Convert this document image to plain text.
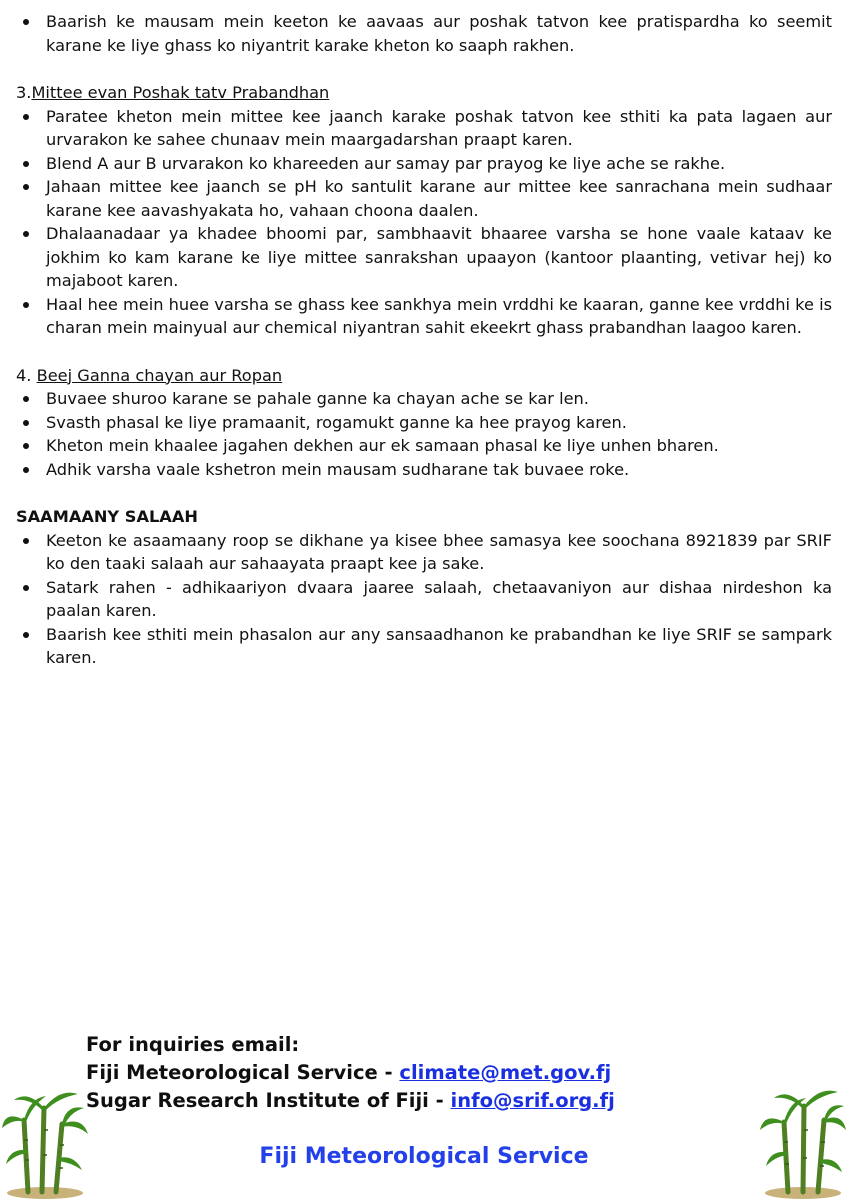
Baarish ke mausam mein keeton ke aavaas aur poshak tatvon kee pratispardha ko seemit karane ke liye ghass ko niyantrit karake kheton ko saaph rakhen.
3.Mittee evan Poshak tatv Prabandhan
Paratee kheton mein mittee kee jaanch karake poshak tatvon kee sthiti ka pata lagaen aur urvarakon ke sahee chunaav mein maargadarshan praapt karen.
Blend A aur B urvarakon ko khareeden aur samay par prayog ke liye ache se rakhe.
Jahaan mittee kee jaanch se pH ko santulit karane aur mittee kee sanrachana mein sudhaar karane kee aavashyakata ho, vahaan choona daalen.
Dhalaanadaar ya khadee bhoomi par, sambhaavit bhaaree varsha se hone vaale kataav ke jokhim ko kam karane ke liye mittee sanrakshan upaayon (kantoor plaanting, vetivar hej) ko majaboot karen.
Haal hee mein huee varsha se ghass kee sankhya mein vrddhi ke kaaran, ganne kee vrddhi ke is charan mein mainyual aur chemical niyantran sahit ekeekrt ghass prabandhan laagoo karen.
4. Beej Ganna chayan aur Ropan
Buvaee shuroo karane se pahale ganne ka chayan ache se kar len.
Svasth phasal ke liye pramaanit, rogamukt ganne ka hee prayog karen.
Kheton mein khaalee jagahen dekhen aur ek samaan phasal ke liye unhen bharen.
Adhik varsha vaale kshetron mein mausam sudharane tak buvaee roke.
SAAMAANY SALAAH
Keeton ke asaamaany roop se dikhane ya kisee bhee samasya kee soochana 8921839 par SRIF ko den taaki salaah aur sahaayata praapt kee ja sake.
Satark rahen - adhikaariyon dvaara jaaree salaah, chetaavaniyon aur dishaa nirdeshon ka paalan karen.
Baarish kee sthiti mein phasalon aur any sansaadhanon ke prabandhan ke liye SRIF se sampark karen.
For inquiries email:
Fiji Meteorological Service - climate@met.gov.fj
Sugar Research Institute of Fiji - info@srif.org.fj
Fiji Meteorological Service
